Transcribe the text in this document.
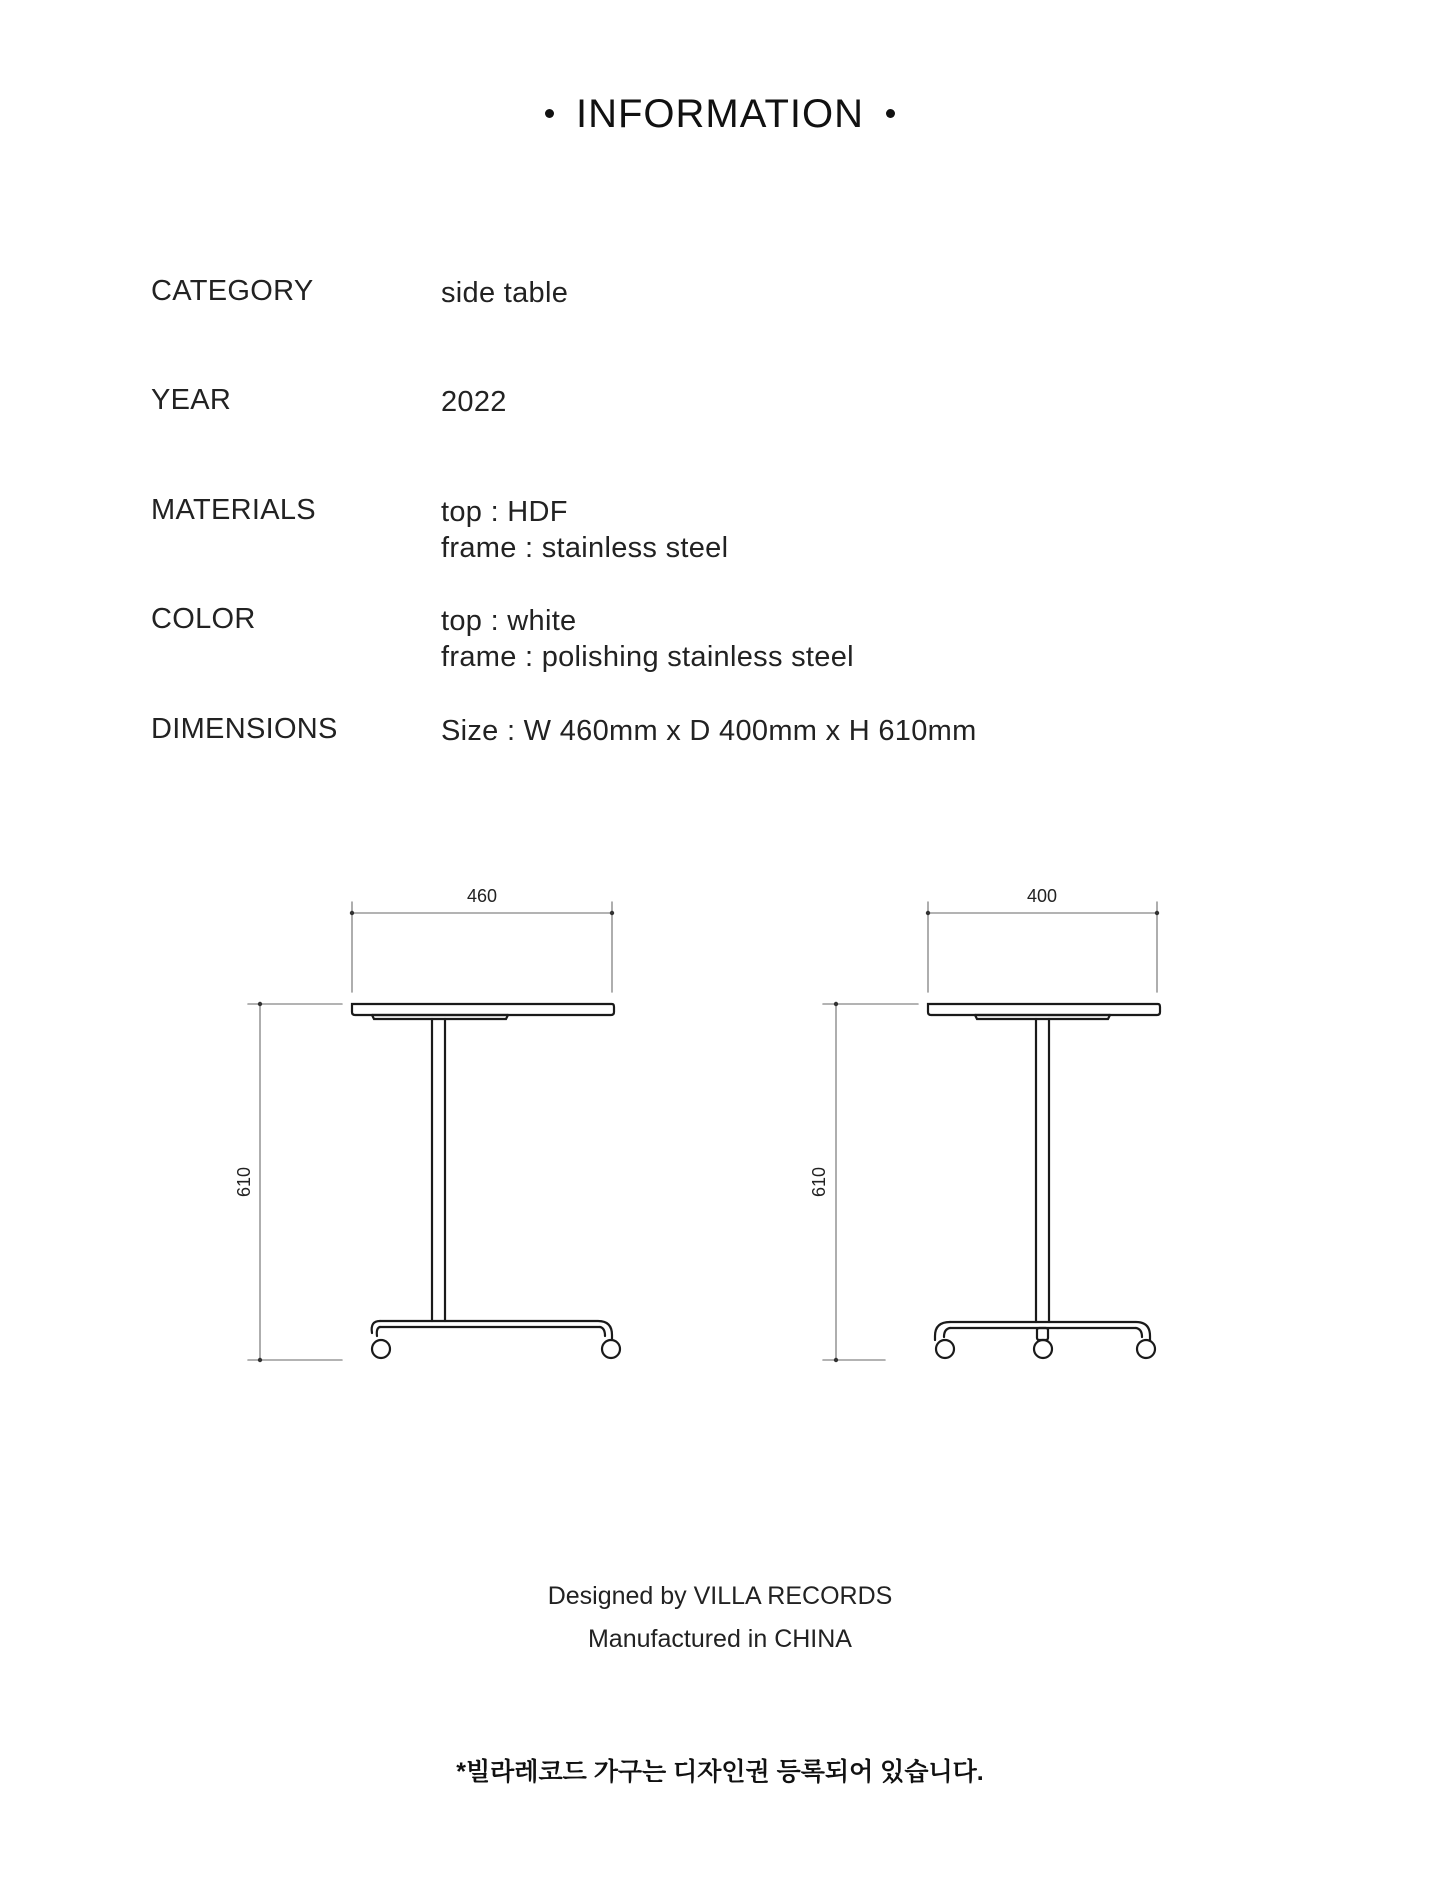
INFORMATION
CATEGORY	side table
YEAR	2022
MATERIALS	top : HDF
frame : stainless steel
COLOR	top : white
frame : polishing stainless steel
DIMENSIONS	Size : W 460mm x D 400mm x H 610mm
460
610
400
610
Designed by VILLA RECORDS
Manufactured in CHINA
*빌라레코드 가구는 디자인권 등록되어 있습니다.
